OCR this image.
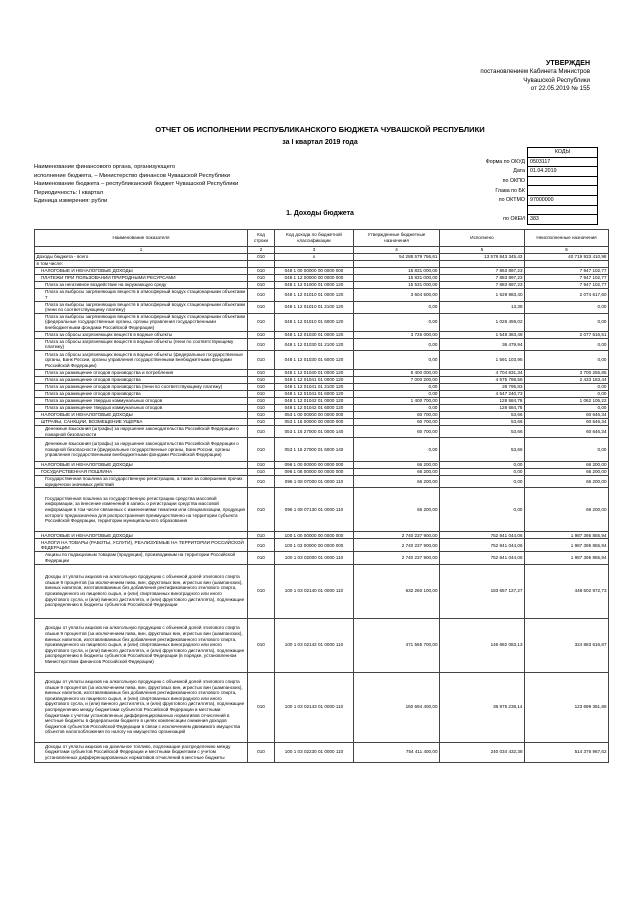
УТВЕРЖДЕН
постановлением Кабинета Министров
Чувашской Республики
от 22.05.2019 № 155
ОТЧЕТ ОБ ИСПОЛНЕНИИ РЕСПУБЛИКАНСКОГО БЮДЖЕТА ЧУВАШСКОЙ РЕСПУБЛИКИ
за I квартал 2019 года
Наименование финансового органа, организующего
исполнение бюджета, – Министерство финансов Чувашской Республики
Наименование бюджета – республиканский бюджет Чувашской Республики
Периодичность: I квартал
Единица измерения: рубли
	КОДЫ
Форма по ОКУД	0503117
Дата	01.04.2019
по ОКПО	
Глава по БК	
по ОКТМО	97000000

по ОКЕИ	383
1. Доходы бюджета
Наименование показателя	Код строки	Код дохода по бюджетной классификации	Утвержденные бюджетные назначения	Исполнено	Неисполненные назначения
1	2	3	4	5	6
Доходы бюджета - всего	010	x	54 288 579 756,61	13 579 843 345,43	40 719 933 410,98
в том числе:					
НАЛОГОВЫЕ И НЕНАЛОГОВЫЕ ДОХОДЫ	010	048 1 00 00000 00 0000 000	15 831 000,00	7 863 897,23	7 947 102,77
ПЛАТЕЖИ ПРИ ПОЛЬЗОВАНИИ ПРИРОДНЫМИ РЕСУРСАМИ	010	048 1 12 00000 00 0000 000	15 831 000,00	7 883 897,23	7 947 102,77
Плата за негативное воздействие на окружающую среду	010	048 1 12 01000 01 0000 120	15 531 000,00	7 883 897,23	7 947 102,77
Плата за выбросы загрязняющих веществ в атмосферный воздух стационарными объектами 7	010	048 1 12 01010 01 0000 120	3 604 500,00	1 529 883,40	2 074 617,60
Плата за выбросы загрязняющих веществ в атмосферный воздух стационарными объектами (пени по соответствующему платежу)	010	048 1 12 01010 01 2100 120	0,00	13,38	0,00
Плата за выбросы загрязняющих веществ в атмосферный воздух стационарными объектами (федеральные государственные органы, органы управления государственными внебюджетными фондами Российской Федерации)	010	048 1 12 01010 01 6000 120	0,00	1 026 459,02	0,00
Плата за сбросы загрязняющих веществ в водные объекты	010	048 1 12 01030 01 0000 120	3 726 000,00	1 548 383,48	2 077 616,51
Плата за сбросы загрязняющих веществ в водные объекты (пени по соответствующему платежу)	010	048 1 12 01030 01 2100 120	0,00	36 479,94	0,00
Плата за сбросы загрязняющих веществ в водные объекты (федеральные государственные органы, Банк России, органы управления государственными внебюджетными фондами Российской Федерации)	010	048 1 12 01030 01 6000 120	0,00	1 591 103,95	0,00
Плата за размещение отходов производства и потребления	010	048 1 12 01040 01 0000 120	8 400 000,00	4 704 831,34	3 700 255,85
Плата за размещение отходов производства	010	048 1 12 01041 01 0000 120	7 000 200,00	4 575 788,56	2 433 183,44
Плата за размещение отходов производства (пени по соответствующему платежу)	010	048 1 12 01041 01 2100 120	0,00	28 795,83	0,00
Плата за размещение отходов производства	010	048 1 12 01041 01 6000 120	0,00	4 547 240,73	0,00
Плата за размещение твердых коммунальных отходов	010	048 1 12 01042 01 0000 120	1 400 700,00	128 584,78	1 062 105,22
Плата за размещение твердых коммунальных отходов	010	048 1 12 01042 01 6000 120	0,00	128 584,78	0,00
НАЛОГОВЫЕ И НЕНАЛОГОВЫЕ ДОХОДЫ	010	053 1 00 00000 00 0000 000	60 700,00	53,66	60 646,34
ШТРАФЫ, САНКЦИИ, ВОЗМЕЩЕНИЕ УЩЕРБА	010	053 1 16 00000 00 0000 000	60 700,00	53,66	60 646,34
Денежные взыскания (штрафы) за нарушение законодательства Российской Федерации о пожарной безопасности	010	053 1 16 27000 01 0000 140	60 700,00	53,66	60 646,34
Денежные взыскания (штрафы) за нарушение законодательства Российской Федерации о пожарной безопасности (федеральные государственные органы, Банк России, органы управления государственными внебюджетными фондами Российской Федерации)	010	053 1 16 27000 01 6000 140	0,00	53,66	0,00
НАЛОГОВЫЕ И НЕНАЛОГОВЫЕ ДОХОДЫ	010	096 1 00 00000 00 0000 000	66 200,00	0,00	66 200,00
ГОСУДАРСТВЕННАЯ ПОШЛИНА	010	096 1 08 00000 00 0000 000	66 200,00	0,00	66 200,00
Государственная пошлина за государственную регистрацию, а также за совершение прочих юридически значимых действий	010	096 1 08 07000 01 0000 110	66 200,00	0,00	66 200,00
Государственная пошлина за государственную регистрацию средства массовой информации, за внесение изменений в запись о регистрации средства массовой информации в том числе связанных с изменениями тематики или специализации, продукция которого предназначена для распространения преимущественно на территории субъекта Российской Федерации, территории муниципального образования	010	096 1 08 07130 01 0000 110	66 200,00	0,00	66 200,00
НАЛОГОВЫЕ И НЕНАЛОГОВЫЕ ДОХОДЫ	010	100 1 00 00000 00 0000 000	2 740 237 900,00	752 841 044,06	1 987 395 855,94
НАЛОГИ НА ТОВАРЫ (РАБОТЫ, УСЛУГИ), РЕАЛИЗУЕМЫЕ НА ТЕРРИТОРИИ РОССИЙСКОЙ ФЕДЕРАЦИИ	010	100 1 03 00000 00 0000 000	2 740 237 900,00	752 841 044,06	1 987 395 855,94
Акцизы по подакцизным товарам (продукции), производимым на территории Российской Федерации	010	100 1 03 02000 01 0000 110	2 740 237 900,00	752 841 044,06	1 987 395 855,94
Доходы от уплаты акцизов на алкогольную продукцию с объемной долей этилового спирта свыше 9 процентов (за исключением пива, вин, фруктовых вин, игристых вин (шампанских), винных напитков, изготавливаемых без добавления ректификованного этилового спирта, произведенного из пищевого сырья, и (или) спиртованных виноградного или иного фруктового сусла, и (или) винного дистиллята, и (или) фруктового дистиллята), подлежащие распределению в бюджеты субъектов Российской Федерации	010	100 1 03 02140 01 0000 110	632 260 100,00	183 657 127,27	448 602 972,73
Доходы от уплаты акцизов на алкогольную продукцию с объемной долей этилового спирта свыше 9 процентов (за исключением пива, вин, фруктовых вин, игристых вин (шампанских), винных напитков, изготавливаемых без добавления ректификованного этилового спирта, произведенного из пищевого сырья, и (или) спиртованных виноградного или иного фруктового сусла, и (или) винного дистиллята, и (или) фруктового дистиллята), подлежащие распределению в бюджеты субъектов Российской Федерации (в порядке, установленном Министерством финансов Российской Федерации)	010	100 1 03 02142 01 0000 110	471 565 700,00	146 682 083,13	324 883 616,87
Доходы от уплаты акцизов на алкогольную продукцию с объемной долей этилового спирта свыше 9 процентов (за исключением пива, вин, фруктовых вин, игристых вин (шампанских), винных напитков, изготавливаемых без добавления ректификованного этилового спирта, произведенного из пищевого сырья, и (или) спиртованных виноградного или иного фруктового сусла, и (или) винного дистиллята, и (или) фруктового дистиллята), подлежащие распределению между бюджетами субъектов Российской Федерации и местными бюджетами с учетом установленных дифференцированных нормативов отчислений в местные бюджеты в федеральном бюджете в целях компенсации снижения доходов бюджетов субъектов Российской Федерации в связи с исключением движимого имущества объектов налогообложения по налогу на имущество организаций	010	100 1 03 02143 01 0000 110	160 694 400,00	36 975 238,14	123 699 361,86
Доходы от уплаты акцизов на дизельное топливо, подлежащие распределению между бюджетами субъектов Российской Федерации и местными бюджетами с учетом установленных дифференцированных нормативов отчислений в местные бюджеты	010	100 1 03 02230 01 0000 110	754 411 400,00	240 034 432,38	514 376 967,62
